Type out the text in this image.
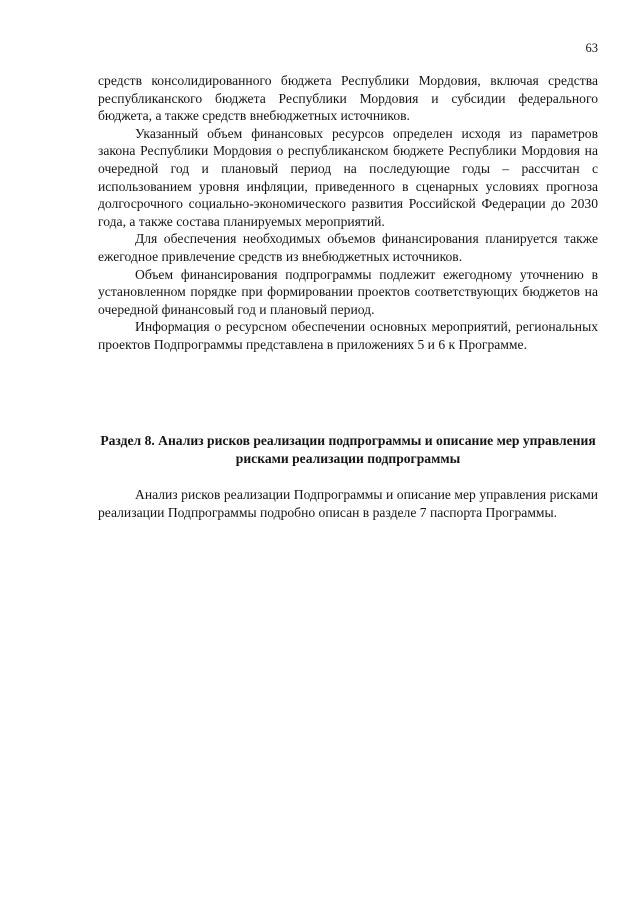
63

средств консолидированного бюджета Республики Мордовия, включая средства республиканского бюджета Республики Мордовия и субсидии федерального бюджета, а также средств внебюджетных источников.

Указанный объем финансовых ресурсов определен исходя из параметров закона Республики Мордовия о республиканском бюджете Республики Мордовия на очередной год и плановый период на последующие годы – рассчитан с использованием уровня инфляции, приведенного в сценарных условиях прогноза долгосрочного социально-экономического развития Российской Федерации до 2030 года, а также состава планируемых мероприятий.

Для обеспечения необходимых объемов финансирования планируется также ежегодное привлечение средств из внебюджетных источников.

Объем финансирования подпрограммы подлежит ежегодному уточнению в установленном порядке при формировании проектов соответствующих бюджетов на очередной финансовый год и плановый период.

Информация о ресурсном обеспечении основных мероприятий, региональных проектов Подпрограммы представлена в приложениях 5 и 6 к Программе.

Раздел 8. Анализ рисков реализации подпрограммы и описание мер управления рисками реализации подпрограммы

Анализ рисков реализации Подпрограммы и описание мер управления рисками реализации Подпрограммы подробно описан в разделе 7 паспорта Программы.
